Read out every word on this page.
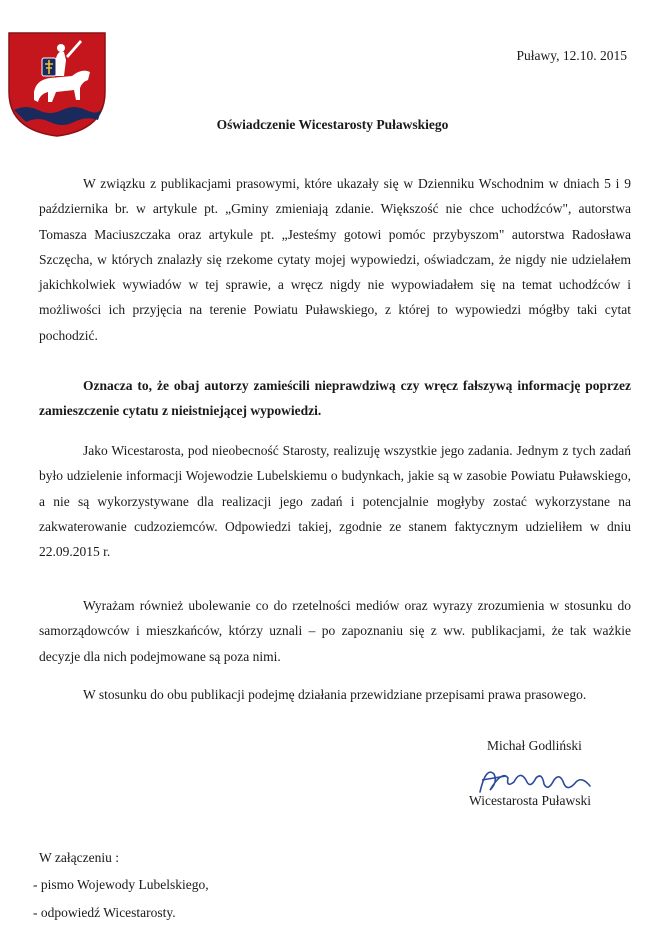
Puławy, 12.10. 2015
Oświadczenie Wicestarosty Puławskiego

W związku z publikacjami prasowymi, które ukazały się w Dzienniku Wschodnim w dniach 5 i 9 października br. w artykule pt. „Gminy zmieniają zdanie. Większość nie chce uchodźców", autorstwa Tomasza Maciuszczaka oraz artykule pt. „Jesteśmy gotowi pomóc przybyszom" autorstwa Radosława Szczęcha, w których znalazły się rzekome cytaty mojej wypowiedzi, oświadczam, że nigdy nie udzielałem jakichkolwiek wywiadów w tej sprawie, a wręcz nigdy nie wypowiadałem się na temat uchodźców i możliwości ich przyjęcia na terenie Powiatu Puławskiego, z której to wypowiedzi mógłby taki cytat pochodzić.

Oznacza to, że obaj autorzy zamieścili nieprawdziwą czy wręcz fałszywą informację poprzez zamieszczenie cytatu z nieistniejącej wypowiedzi.

Jako Wicestarosta, pod nieobecność Starosty, realizuję wszystkie jego zadania. Jednym z tych zadań było udzielenie informacji Wojewodzie Lubelskiemu o budynkach, jakie są w zasobie Powiatu Puławskiego, a nie są wykorzystywane dla realizacji jego zadań i potencjalnie mogłyby zostać wykorzystane na zakwaterowanie cudzoziemców. Odpowiedzi takiej, zgodnie ze stanem faktycznym udzieliłem w dniu 22.09.2015 r.

Wyrażam również ubolewanie co do rzetelności mediów oraz wyrazy zrozumienia w stosunku do samorządowców i mieszkańców, którzy uznali – po zapoznaniu się z ww. publikacjami, że tak ważkie decyzje dla nich podejmowane są poza nimi.

W stosunku do obu publikacji podejmę działania przewidziane przepisami prawa prasowego.

Michał Godliński
Wicestarosta Puławski
W załączeniu :
- pismo Wojewody Lubelskiego,
- odpowiedź Wicestarosty.
